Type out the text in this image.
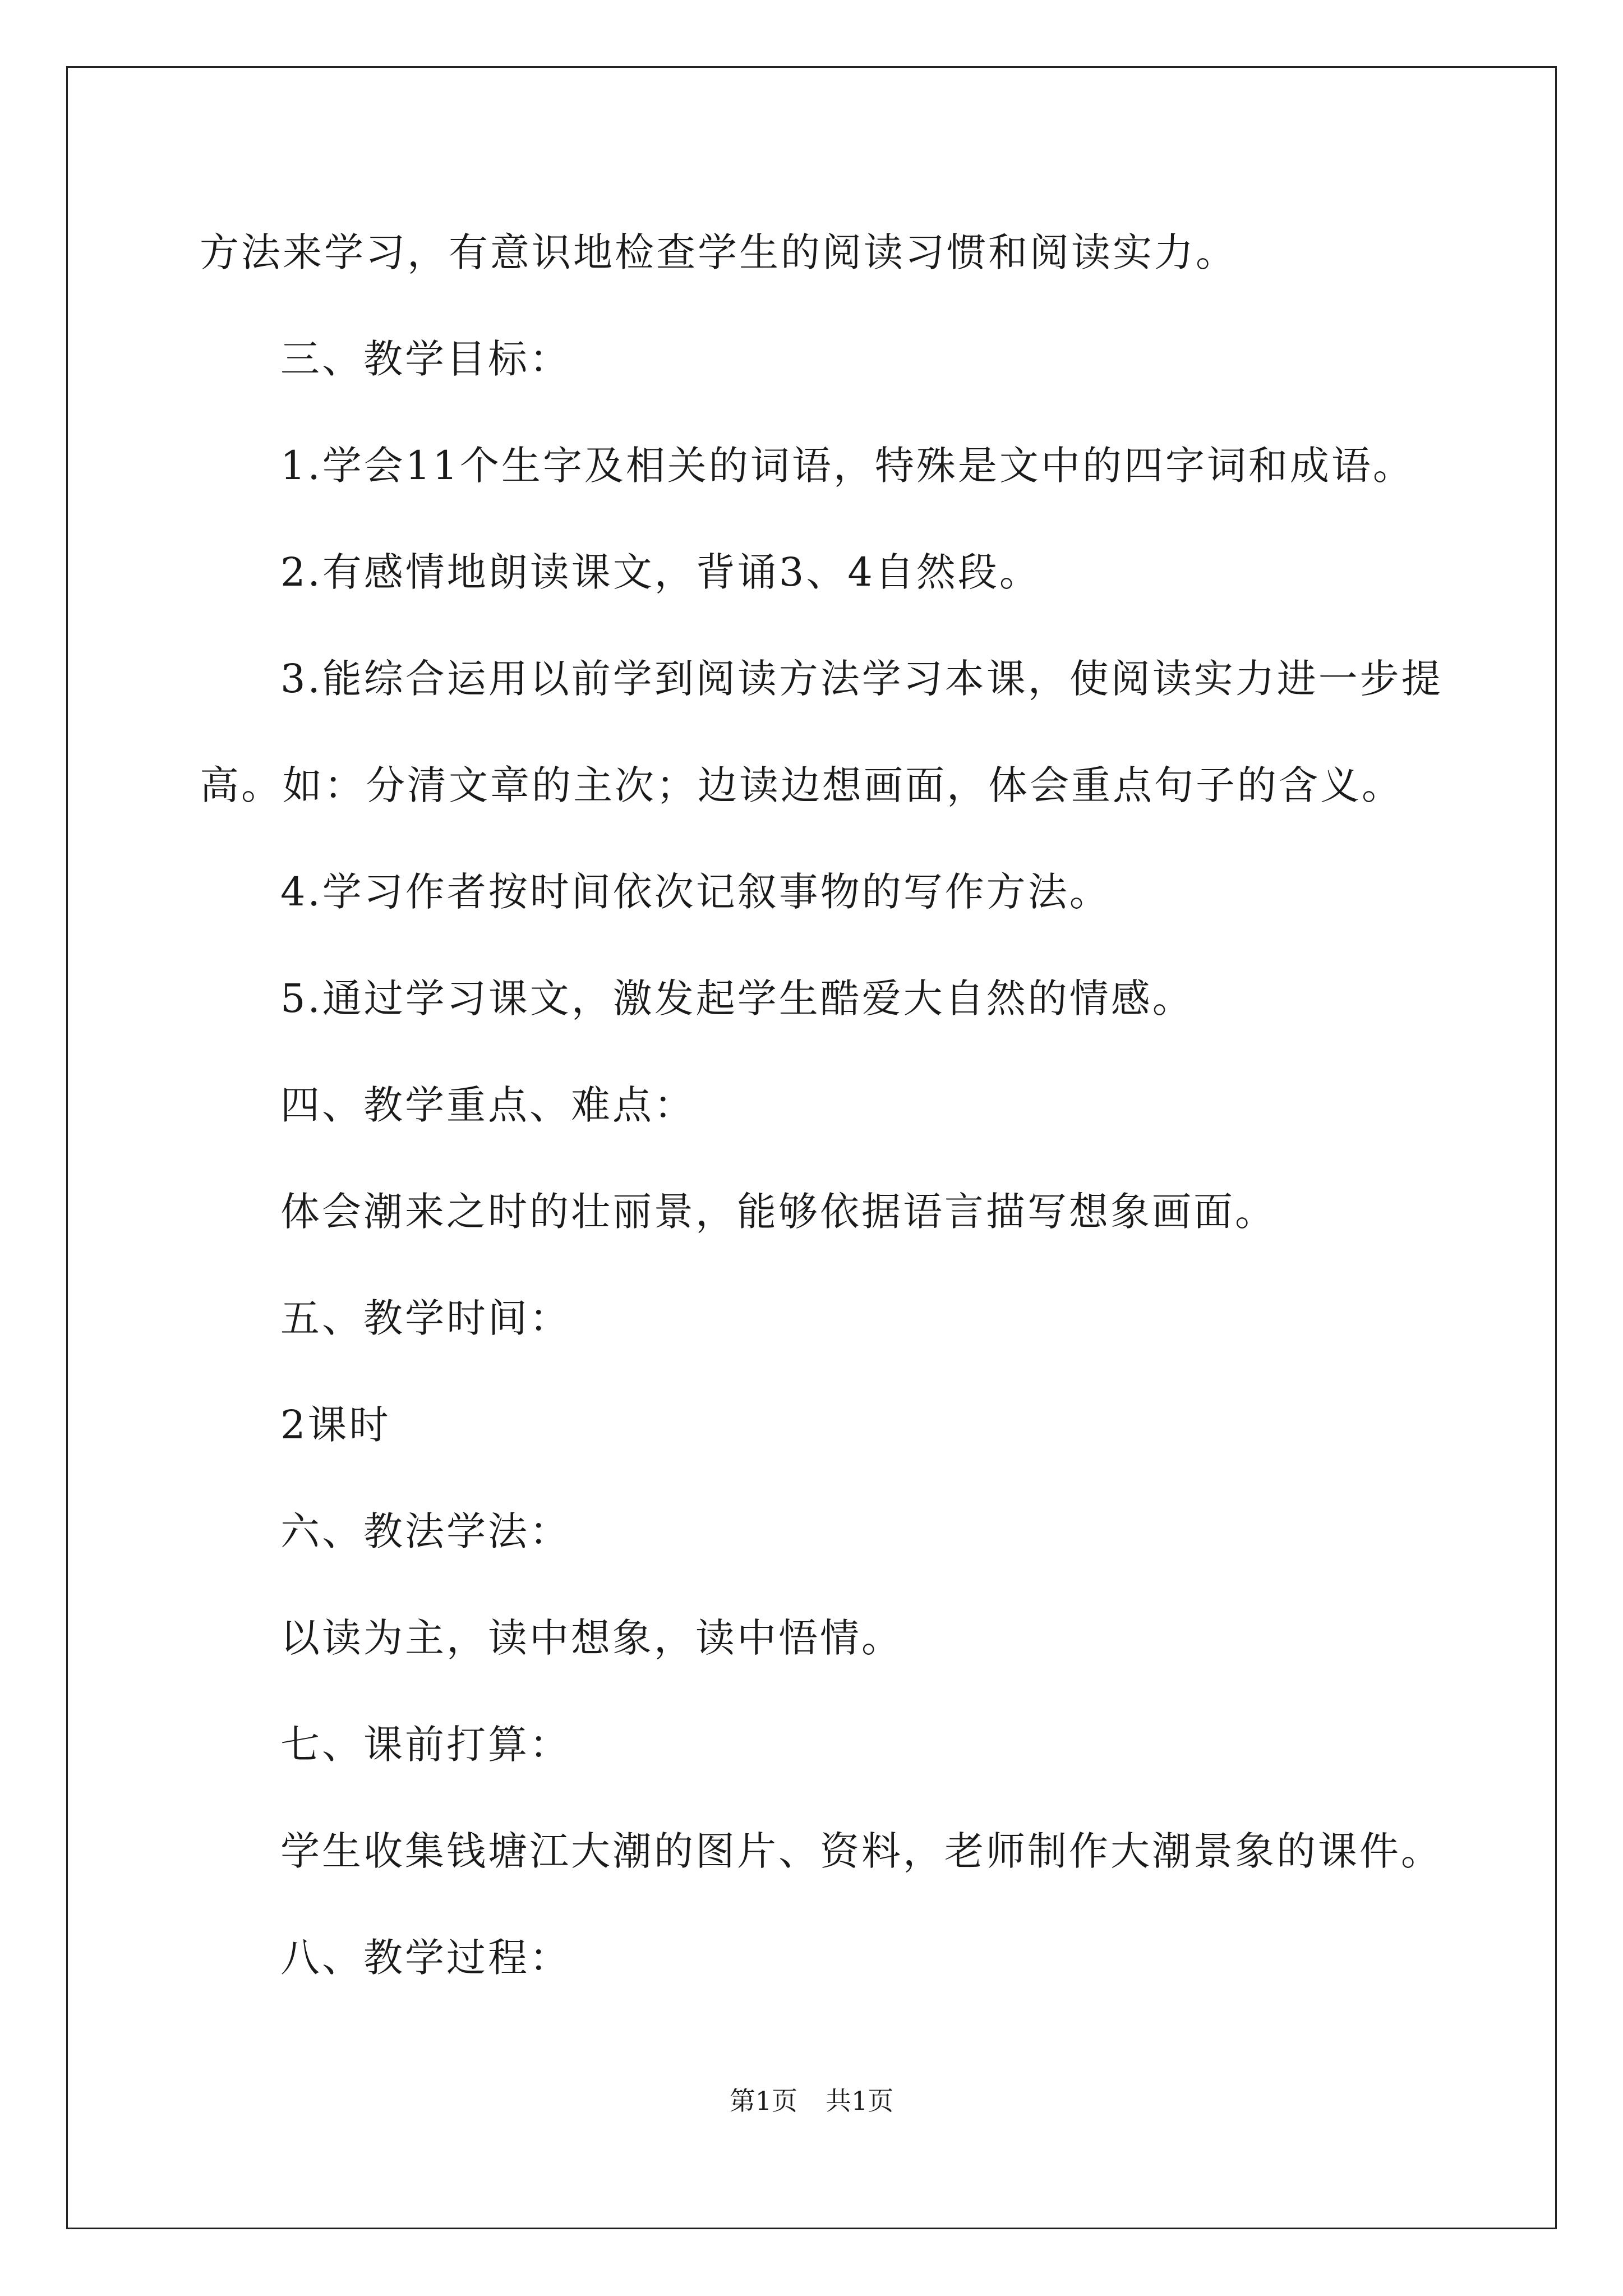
方法来学习，有意识地检查学生的阅读习惯和阅读实力。
三、教学目标：
1.学会11个生字及相关的词语，特殊是文中的四字词和成语。
2.有感情地朗读课文，背诵3、4自然段。
3.能综合运用以前学到阅读方法学习本课，使阅读实力进一步提
高。如：分清文章的主次；边读边想画面，体会重点句子的含义。
4.学习作者按时间依次记叙事物的写作方法。
5.通过学习课文，激发起学生酷爱大自然的情感。
四、教学重点、难点：
体会潮来之时的壮丽景，能够依据语言描写想象画面。
五、教学时间：
2课时
六、教法学法：
以读为主，读中想象，读中悟情。
七、课前打算：
学生收集钱塘江大潮的图片、资料，老师制作大潮景象的课件。
八、教学过程：
第1页 共1页
